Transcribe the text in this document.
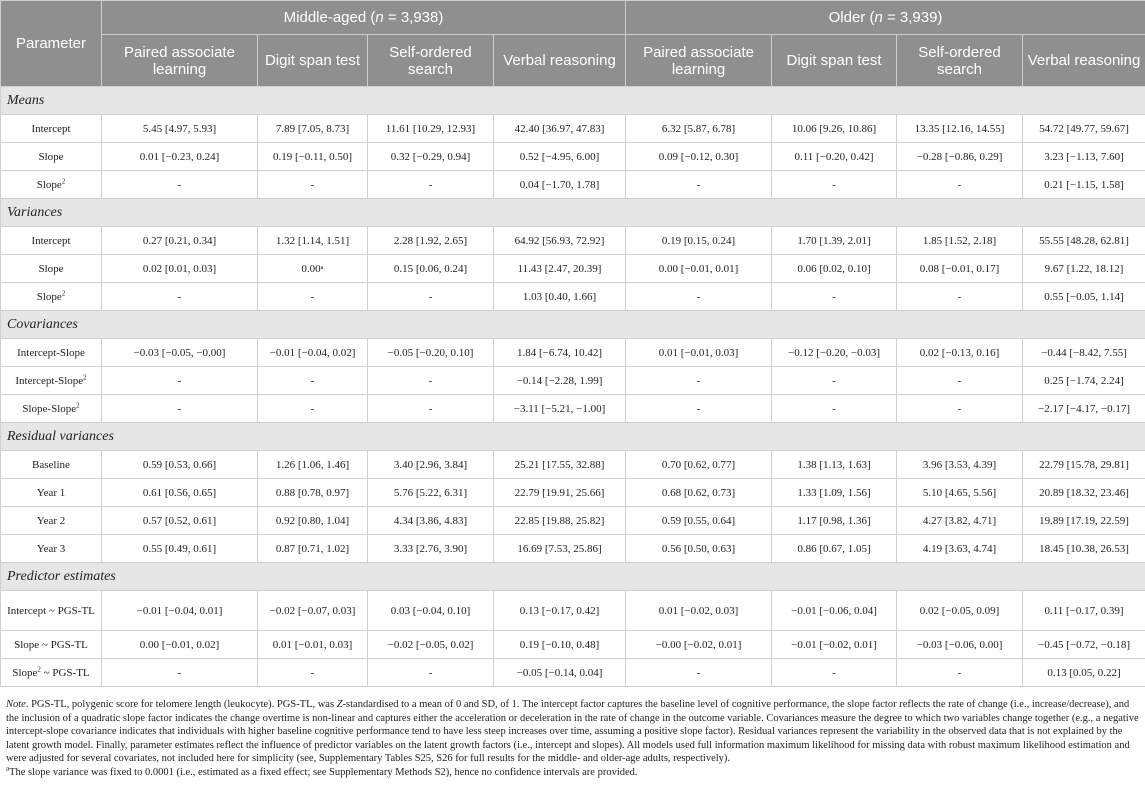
Parameter	Middle-aged (n = 3,938)				Older (n = 3,939)			
	Paired associate learning	Digit span test	Self-ordered search	Verbal reasoning	Paired associate learning	Digit span test	Self-ordered search	Verbal reasoning
Means								
Intercept	5.45 [4.97, 5.93]	7.89 [7.05, 8.73]	11.61 [10.29, 12.93]	42.40 [36.97, 47.83]	6.32 [5.87, 6.78]	10.06 [9.26, 10.86]	13.35 [12.16, 14.55]	54.72 [49.77, 59.67]
Slope	0.01 [−0.23, 0.24]	0.19 [−0.11, 0.50]	0.32 [−0.29, 0.94]	0.52 [−4.95, 6.00]	0.09 [−0.12, 0.30]	0.11 [−0.20, 0.42]	−0.28 [−0.86, 0.29]	3.23 [−1.13, 7.60]
Slope$^2$	-	-	-	0.04 [−1.70, 1.78]	-	-	-	0.21 [−1.15, 1.58]
Variances								
Intercept	0.27 [0.21, 0.34]	1.32 [1.14, 1.51]	2.28 [1.92, 2.65]	64.92 [56.93, 72.92]	0.19 [0.15, 0.24]	1.70 [1.39, 2.01]	1.85 [1.52, 2.18]	55.55 [48.28, 62.81]
Slope	0.02 [0.01, 0.03]	0.00ᵃ	0.15 [0.06, 0.24]	11.43 [2.47, 20.39]	0.00 [−0.01, 0.01]	0.06 [0.02, 0.10]	0.08 [−0.01, 0.17]	9.67 [1.22, 18.12]
Slope$^2$	-	-	-	1.03 [0.40, 1.66]	-	-	-	0.55 [−0.05, 1.14]
Covariances								
Intercept-Slope	−0.03 [−0.05, −0.00]	−0.01 [−0.04, 0.02]	−0.05 [−0.20, 0.10]	1.84 [−6.74, 10.42]	0.01 [−0.01, 0.03]	−0.12 [−0.20, −0.03]	0.02 [−0.13, 0.16]	−0.44 [−8.42, 7.55]
Intercept-Slope$^2$	-	-	-	−0.14 [−2.28, 1.99]	-	-	-	0.25 [−1.74, 2.24]
Slope-Slope$^2$	-	-	-	−3.11 [−5.21, −1.00]	-	-	-	−2.17 [−4.17, −0.17]
Residual variances								
Baseline	0.59 [0.53, 0.66]	1.26 [1.06, 1.46]	3.40 [2.96, 3.84]	25.21 [17.55, 32.88]	0.70 [0.62, 0.77]	1.38 [1.13, 1.63]	3.96 [3.53, 4.39]	22.79 [15.78, 29.81]
Year 1	0.61 [0.56, 0.65]	0.88 [0.78, 0.97]	5.76 [5.22, 6.31]	22.79 [19.91, 25.66]	0.68 [0.62, 0.73]	1.33 [1.09, 1.56]	5.10 [4.65, 5.56]	20.89 [18.32, 23.46]
Year 2	0.57 [0.52, 0.61]	0.92 [0.80, 1.04]	4.34 [3.86, 4.83]	22.85 [19.88, 25.82]	0.59 [0.55, 0.64]	1.17 [0.98, 1.36]	4.27 [3.82, 4.71]	19.89 [17.19, 22.59]
Year 3	0.55 [0.49, 0.61]	0.87 [0.71, 1.02]	3.33 [2.76, 3.90]	16.69 [7.53, 25.86]	0.56 [0.50, 0.63]	0.86 [0.67, 1.05]	4.19 [3.63, 4.74]	18.45 [10.38, 26.53]
Predictor estimates								
Intercept ~ PGS-TL	−0.01 [−0.04, 0.01]	−0.02 [−0.07, 0.03]	0.03 [−0.04, 0.10]	0.13 [−0.17, 0.42]	0.01 [−0.02, 0.03]	−0.01 [−0.06, 0.04]	0.02 [−0.05, 0.09]	0.11 [−0.17, 0.39]
Slope ~ PGS-TL	0.00 [−0.01, 0.02]	0.01 [−0.01, 0.03]	−0.02 [−0.05, 0.02]	0.19 [−0.10, 0.48]	−0.00 [−0.02, 0.01]	−0.01 [−0.02, 0.01]	−0.03 [−0.06, 0.00]	−0.45 [−0.72, −0.18]
Slope$^2$ ~ PGS-TL	-	-	-	−0.05 [−0.14, 0.04]	-	-	-	0.13 [0.05, 0.22]

Note. PGS-TL, polygenic score for telomere length (leukocyte). PGS-TL, was Z-standardised to a mean of 0 and SD, of 1. The intercept factor captures the baseline level of cognitive performance, the slope factor reflects the rate of change (i.e., increase/decrease), and the inclusion of a quadratic slope factor indicates the change overtime is non-linear and captures either the acceleration or deceleration in the rate of change in the outcome variable. Covariances measure the degree to which two variables change together (e.g., a negative intercept-slope covariance indicates that individuals with higher baseline cognitive performance tend to have less steep increases over time, assuming a positive slope factor). Residual variances represent the variability in the observed data that is not explained by the latent growth model. Finally, parameter estimates reflect the influence of predictor variables on the latent growth factors (i.e., intercept and slopes). All models used full information maximum likelihood for missing data with robust maximum likelihood estimation and were adjusted for several covariates, not included here for simplicity (see, Supplementary Tables S25, S26 for full results for the middle- and older-age adults, respectively).

$^a$The slope variance was fixed to 0.0001 (i.e., estimated as a fixed effect; see Supplementary Methods S2), hence no confidence intervals are provided.
